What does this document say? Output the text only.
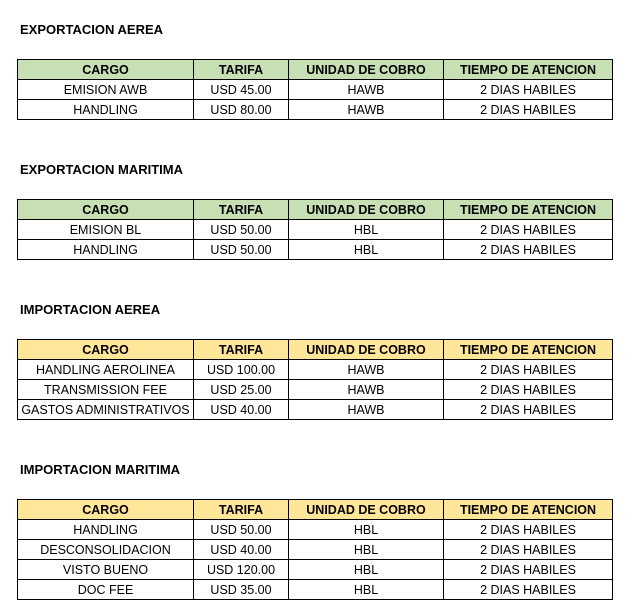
EXPORTACION AEREA
CARGO	TARIFA	UNIDAD DE COBRO	TIEMPO DE ATENCION
EMISION AWB	USD 45.00	HAWB	2 DIAS HABILES
HANDLING	USD 80.00	HAWB	2 DIAS HABILES
EXPORTACION MARITIMA
CARGO	TARIFA	UNIDAD DE COBRO	TIEMPO DE ATENCION
EMISION BL	USD 50.00	HBL	2 DIAS HABILES
HANDLING	USD 50.00	HBL	2 DIAS HABILES
IMPORTACION AEREA
CARGO	TARIFA	UNIDAD DE COBRO	TIEMPO DE ATENCION
HANDLING AEROLINEA	USD 100.00	HAWB	2 DIAS HABILES
TRANSMISSION FEE	USD 25.00	HAWB	2 DIAS HABILES
GASTOS ADMINISTRATIVOS	USD 40.00	HAWB	2 DIAS HABILES
IMPORTACION MARITIMA
CARGO	TARIFA	UNIDAD DE COBRO	TIEMPO DE ATENCION
HANDLING	USD 50.00	HBL	2 DIAS HABILES
DESCONSOLIDACION	USD 40.00	HBL	2 DIAS HABILES
VISTO BUENO	USD 120.00	HBL	2 DIAS HABILES
DOC FEE	USD 35.00	HBL	2 DIAS HABILES
